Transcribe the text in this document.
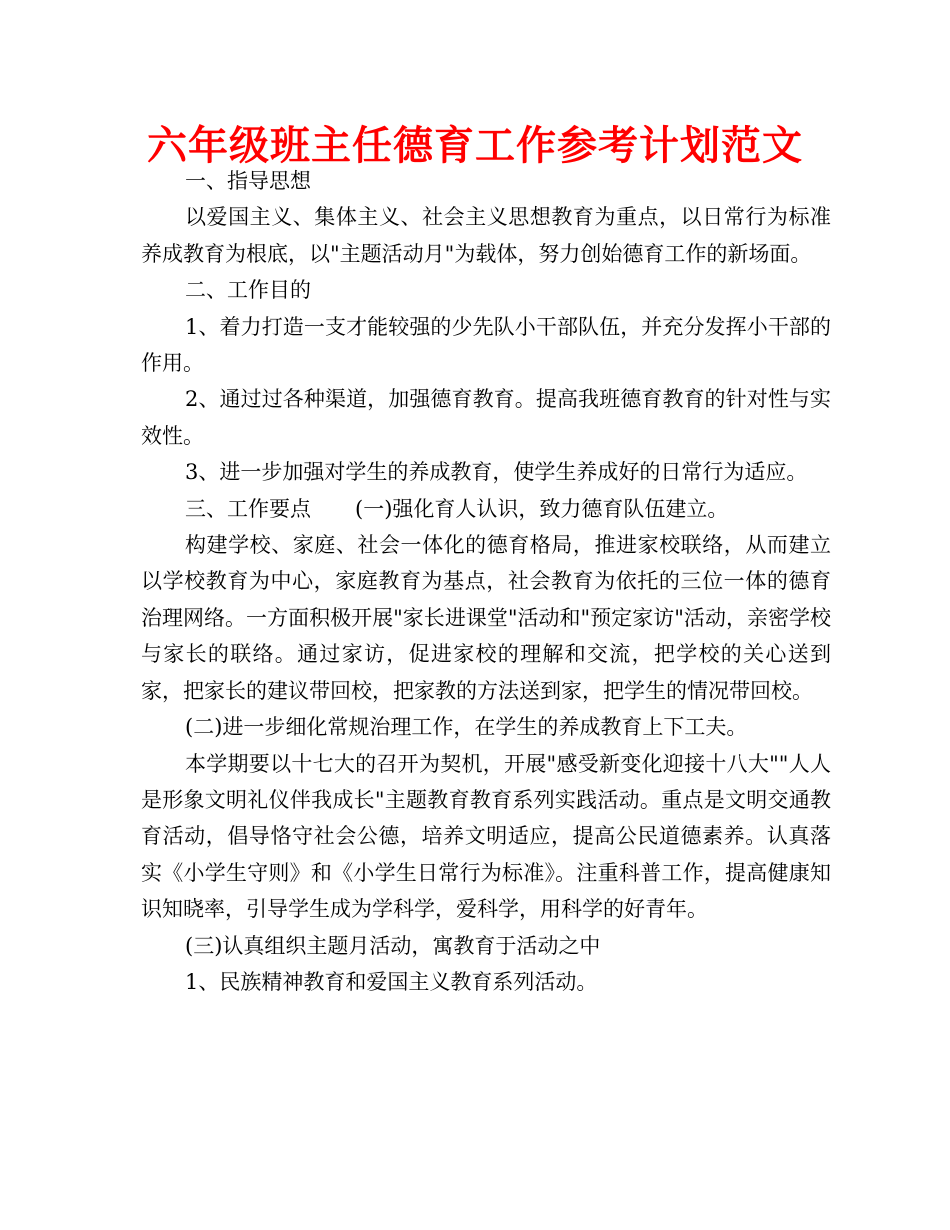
六年级班主任德育工作参考计划范文

一、指导思想

以爱国主义、集体主义、社会主义思想教育为重点，以日常行为标准养成教育为根底，以"主题活动月"为载体，努力创始德育工作的新场面。

二、工作目的

1、着力打造一支才能较强的少先队小干部队伍，并充分发挥小干部的作用。

2、通过过各种渠道，加强德育教育。提高我班德育教育的针对性与实效性。

3、进一步加强对学生的养成教育，使学生养成好的日常行为适应。

三、工作要点 (一)强化育人认识，致力德育队伍建立。

构建学校、家庭、社会一体化的德育格局，推进家校联络，从而建立以学校教育为中心，家庭教育为基点，社会教育为依托的三位一体的德育治理网络。一方面积极开展"家长进课堂"活动和"预定家访"活动，亲密学校与家长的联络。通过家访，促进家校的理解和交流，把学校的关心送到家，把家长的建议带回校，把家教的方法送到家，把学生的情况带回校。

(二)进一步细化常规治理工作，在学生的养成教育上下工夫。

本学期要以十七大的召开为契机，开展"感受新变化迎接十八大""人人是形象文明礼仪伴我成长"主题教育教育系列实践活动。重点是文明交通教育活动，倡导恪守社会公德，培养文明适应，提高公民道德素养。认真落实《小学生守则》和《小学生日常行为标准》。注重科普工作，提高健康知识知晓率，引导学生成为学科学，爱科学，用科学的好青年。

(三)认真组织主题月活动，寓教育于活动之中

1、民族精神教育和爱国主义教育系列活动。
